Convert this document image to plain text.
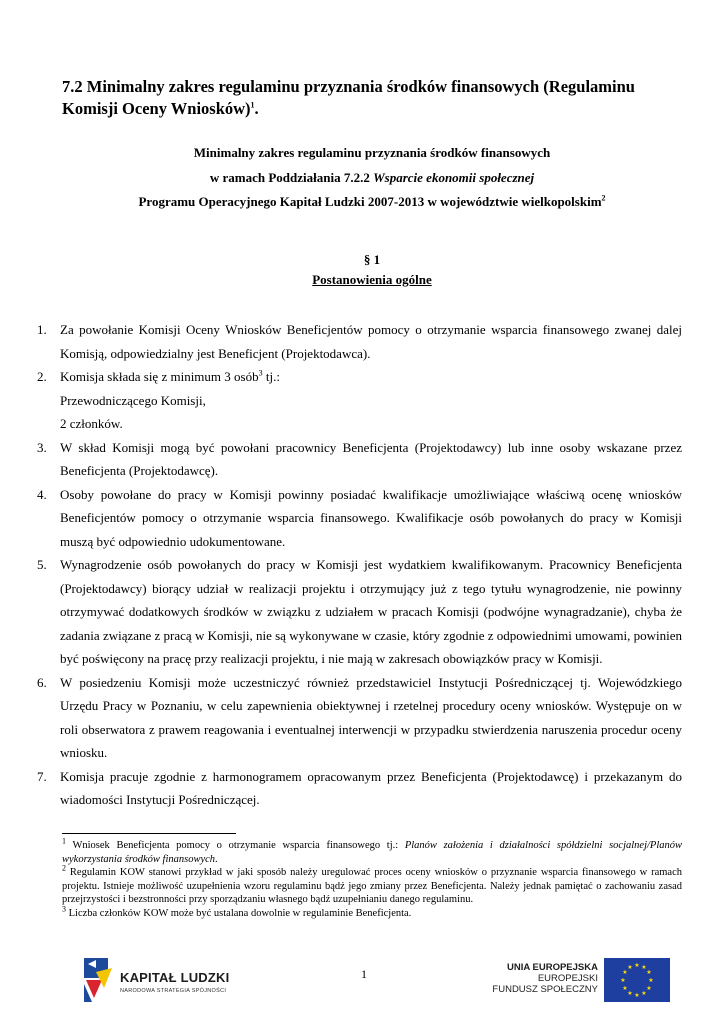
7.2 Minimalny zakres regulaminu przyznania środków finansowych (Regulaminu Komisji Oceny Wniosków)$^1$.
Minimalny zakres regulaminu przyznania środków finansowych
w ramach Poddziałania 7.2.2 Wsparcie ekonomii społecznej
Programu Operacyjnego Kapitał Ludzki 2007-2013 w województwie wielkopolskim$^2$
§ 1
Postanowienia ogólne
1. Za powołanie Komisji Oceny Wniosków Beneficjentów pomocy o otrzymanie wsparcia finansowego zwanej dalej Komisją, odpowiedzialny jest Beneficjent (Projektodawca).
2. Komisja składa się z minimum 3 osób$^3$ tj.:
Przewodniczącego Komisji,
2 członków.
3. W skład Komisji mogą być powołani pracownicy Beneficjenta (Projektodawcy) lub inne osoby wskazane przez Beneficjenta (Projektodawcę).
4. Osoby powołane do pracy w Komisji powinny posiadać kwalifikacje umożliwiające właściwą ocenę wniosków Beneficjentów pomocy o otrzymanie wsparcia finansowego. Kwalifikacje osób powołanych do pracy w Komisji muszą być odpowiednio udokumentowane.
5. Wynagrodzenie osób powołanych do pracy w Komisji jest wydatkiem kwalifikowanym. Pracownicy Beneficjenta (Projektodawcy) biorący udział w realizacji projektu i otrzymujący już z tego tytułu wynagrodzenie, nie powinny otrzymywać dodatkowych środków w związku z udziałem w pracach Komisji (podwójne wynagradzanie), chyba że zadania związane z pracą w Komisji, nie są wykonywane w czasie, który zgodnie z odpowiednimi umowami, powinien być poświęcony na pracę przy realizacji projektu, i nie mają w zakresach obowiązków pracy w Komisji.
6. W posiedzeniu Komisji może uczestniczyć również przedstawiciel Instytucji Pośredniczącej tj. Wojewódzkiego Urzędu Pracy w Poznaniu, w celu zapewnienia obiektywnej i rzetelnej procedury oceny wniosków. Występuje on w roli obserwatora z prawem reagowania i eventualnej interwencji w przypadku stwierdzenia naruszenia procedur oceny wniosku.
7. Komisja pracuje zgodnie z harmonogramem opracowanym przez Beneficjenta (Projektodawcę) i przekazanym do wiadomości Instytucji Pośredniczącej.

$^1$ Wniosek Beneficjenta pomocy o otrzymanie wsparcia finansowego tj.: Planów założenia i działalności spółdzielni socjalnej/Planów wykorzystania środków finansowych.

$^2$ Regulamin KOW stanowi przykład w jaki sposób należy uregulować proces oceny wniosków o przyznanie wsparcia finansowego w ramach projektu. Istnieje możliwość uzupełnienia wzoru regulaminu bądź jego zmiany przez Beneficjenta. Należy jednak pamiętać o zachowaniu zasad przejrzystości i bezstronności przy sporządzaniu własnego bądź uzupełnianiu danego regulaminu.

$^3$ Liczba członków KOW może być ustalana dowolnie w regulaminie Beneficjenta.

KAPITAŁ LUDZKI
NARODOWA STRATEGIA SPÓJNOŚCI
1	UNIA EUROPEJSKA
EUROPEJSKI
FUNDUSZ SPOŁECZNY
★ ★
★
★
★
★
★
★
★
★
★
★
